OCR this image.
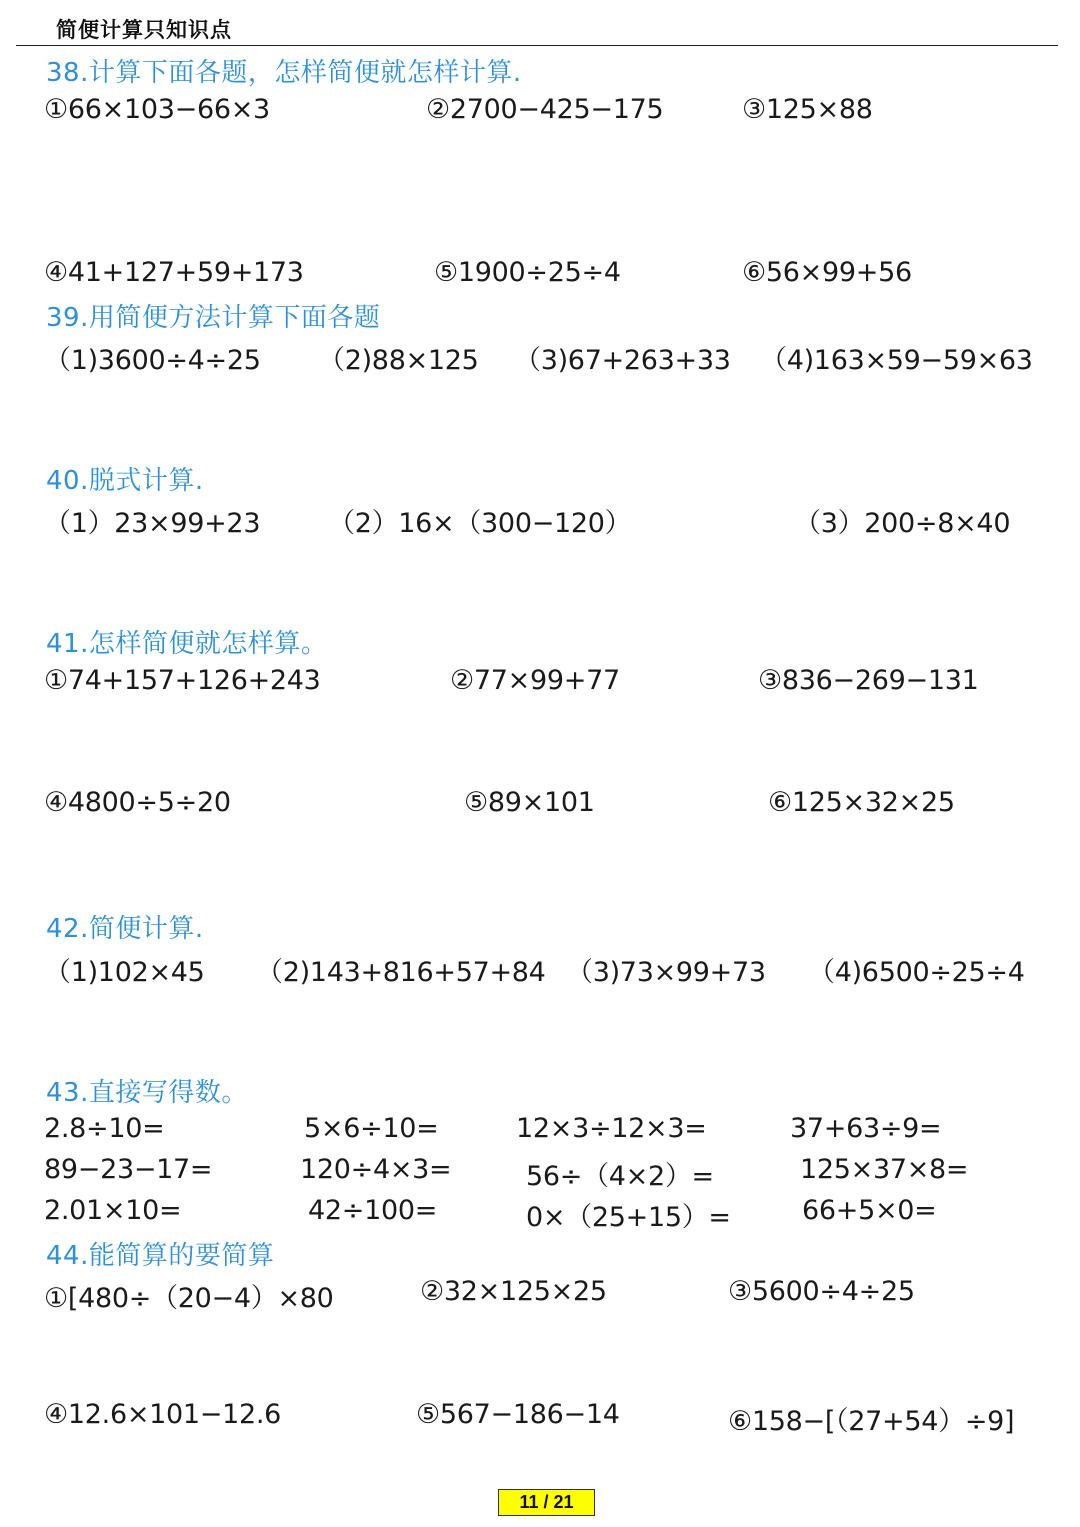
简便计算只知识点
38.计算下面各题，怎样简便就怎样计算.
①66×103−66×3	②2700−425−175	③125×88
④41+127+59+173	⑤1900÷25÷4	⑥56×99+56
39.用简便方法计算下面各题
（1)3600÷4÷25 （2)88×125 （3)67+263+33 （4)163×59−59×63
40.脱式计算.
（1）23×99+23	（2）16×（300−120）	（3）200÷8×40
41.怎样简便就怎样算。
①74+157+126+243	②77×99+77	③836−269−131
④4800÷5÷20	⑤89×101	⑥125×32×25
42.简便计算.
（1)102×45 （2)143+816+57+84 （3)73×99+73 （4)6500÷25÷4
43.直接写得数。
2.8÷10=	5×6÷10=	12×3÷12×3=	37+63÷9=
89−23−17=	120÷4×3=	56÷（4×2）=	125×37×8=
2.01×10=	42÷100=	0×（25+15）=	66+5×0=
44.能简算的要简算
①[480÷（20−4）×80	②32×125×25	③5600÷4÷25
④12.6×101−12.6	⑤567−186−14	⑥158−[（27+54）÷9]
11 / 21
